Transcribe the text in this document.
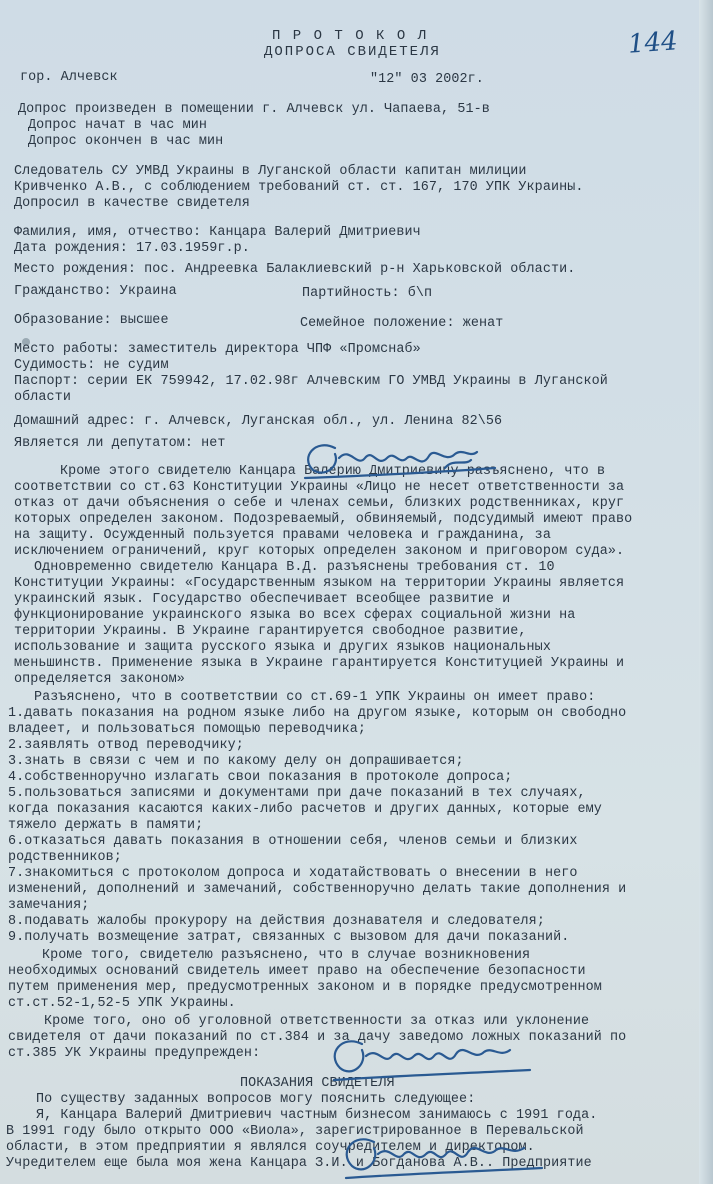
144
П Р О Т О К О Л
ДОПРОСА СВИДЕТЕЛЯ
гор. Алчевск	"12" 03 2002г.
Допрос произведен в помещении г. Алчевск ул. Чапаева, 51-в
Допрос начат в час мин
Допрос окончен в час мин
Следователь СУ УМВД Украины в Луганской области капитан милиции
Кривченко А.В., с соблюдением требований ст. ст. 167, 170 УПК Украины.
Допросил в качестве свидетеля
Фамилия, имя, отчество: Канцара Валерий Дмитриевич
Дата рождения: 17.03.1959г.р.
Место рождения: пос. Андреевка Балаклиевский р-н Харьковской области.
Гражданство: Украина	Партийность: б\п
Образование: высшее	Семейное положение: женат
Место работы: заместитель директора ЧПФ «Промснаб»
Судимость: не судим
Паспорт: серии ЕК 759942, 17.02.98г Алчевским ГО УМВД Украины в Луганской
области
Домашний адрес: г. Алчевск, Луганская обл., ул. Ленина 82\56
Является ли депутатом: нет
Кроме этого свидетелю Канцара Валерию Дмитриевичу разъяснено, что в
соответствии со ст.63 Конституции Украины «Лицо не несет ответственности за
отказ от дачи объяснения о себе и членах семьи, близких родственниках, круг
которых определен законом. Подозреваемый, обвиняемый, подсудимый имеют право
на защиту. Осужденный пользуется правами человека и гражданина, за
исключением ограничений, круг которых определен законом и приговором суда».
Одновременно свидетелю Канцара В.Д. разъяснены требования ст. 10
Конституции Украины: «Государственным языком на территории Украины является
украинский язык. Государство обеспечивает всеобщее развитие и
функционирование украинского языка во всех сферах социальной жизни на
территории Украины. В Украине гарантируется свободное развитие,
использование и защита русского языка и других языков национальных
меньшинств. Применение языка в Украине гарантируется Конституцией Украины и
определяется законом»
Разъяснено, что в соответствии со ст.69-1 УПК Украины он имеет право:
1.давать показания на родном языке либо на другом языке, которым он свободно
владеет, и пользоваться помощью переводчика;
2.заявлять отвод переводчику;
3.знать в связи с чем и по какому делу он допрашивается;
4.собственноручно излагать свои показания в протоколе допроса;
5.пользоваться записями и документами при даче показаний в тех случаях,
когда показания касаются каких-либо расчетов и других данных, которые ему
тяжело держать в памяти;
6.отказаться давать показания в отношении себя, членов семьи и близких
родственников;
7.знакомиться с протоколом допроса и ходатайствовать о внесении в него
изменений, дополнений и замечаний, собственноручно делать такие дополнения и
замечания;
8.подавать жалобы прокурору на действия дознавателя и следователя;
9.получать возмещение затрат, связанных с вызовом для дачи показаний.
Кроме того, свидетелю разъяснено, что в случае возникновения
необходимых оснований свидетель имеет право на обеспечение безопасности
путем применения мер, предусмотренных законом и в порядке предусмотренном
ст.ст.52-1,52-5 УПК Украины.
Кроме того, оно об уголовной ответственности за отказ или уклонение
свидетеля от дачи показаний по ст.384 и за дачу заведомо ложных показаний по
ст.385 УК Украины предупрежден:
ПОКАЗАНИЯ СВИДЕТЕЛЯ
По существу заданных вопросов могу пояснить следующее:
Я, Канцара Валерий Дмитриевич частным бизнесом занимаюсь с 1991 года.
В 1991 году было открыто ООО «Виола», зарегистрированное в Перевальской
области, в этом предприятии я являлся соучредителем и директором.
Учредителем еще была моя жена Канцара З.И. и Богданова А.В.. Предприятие
